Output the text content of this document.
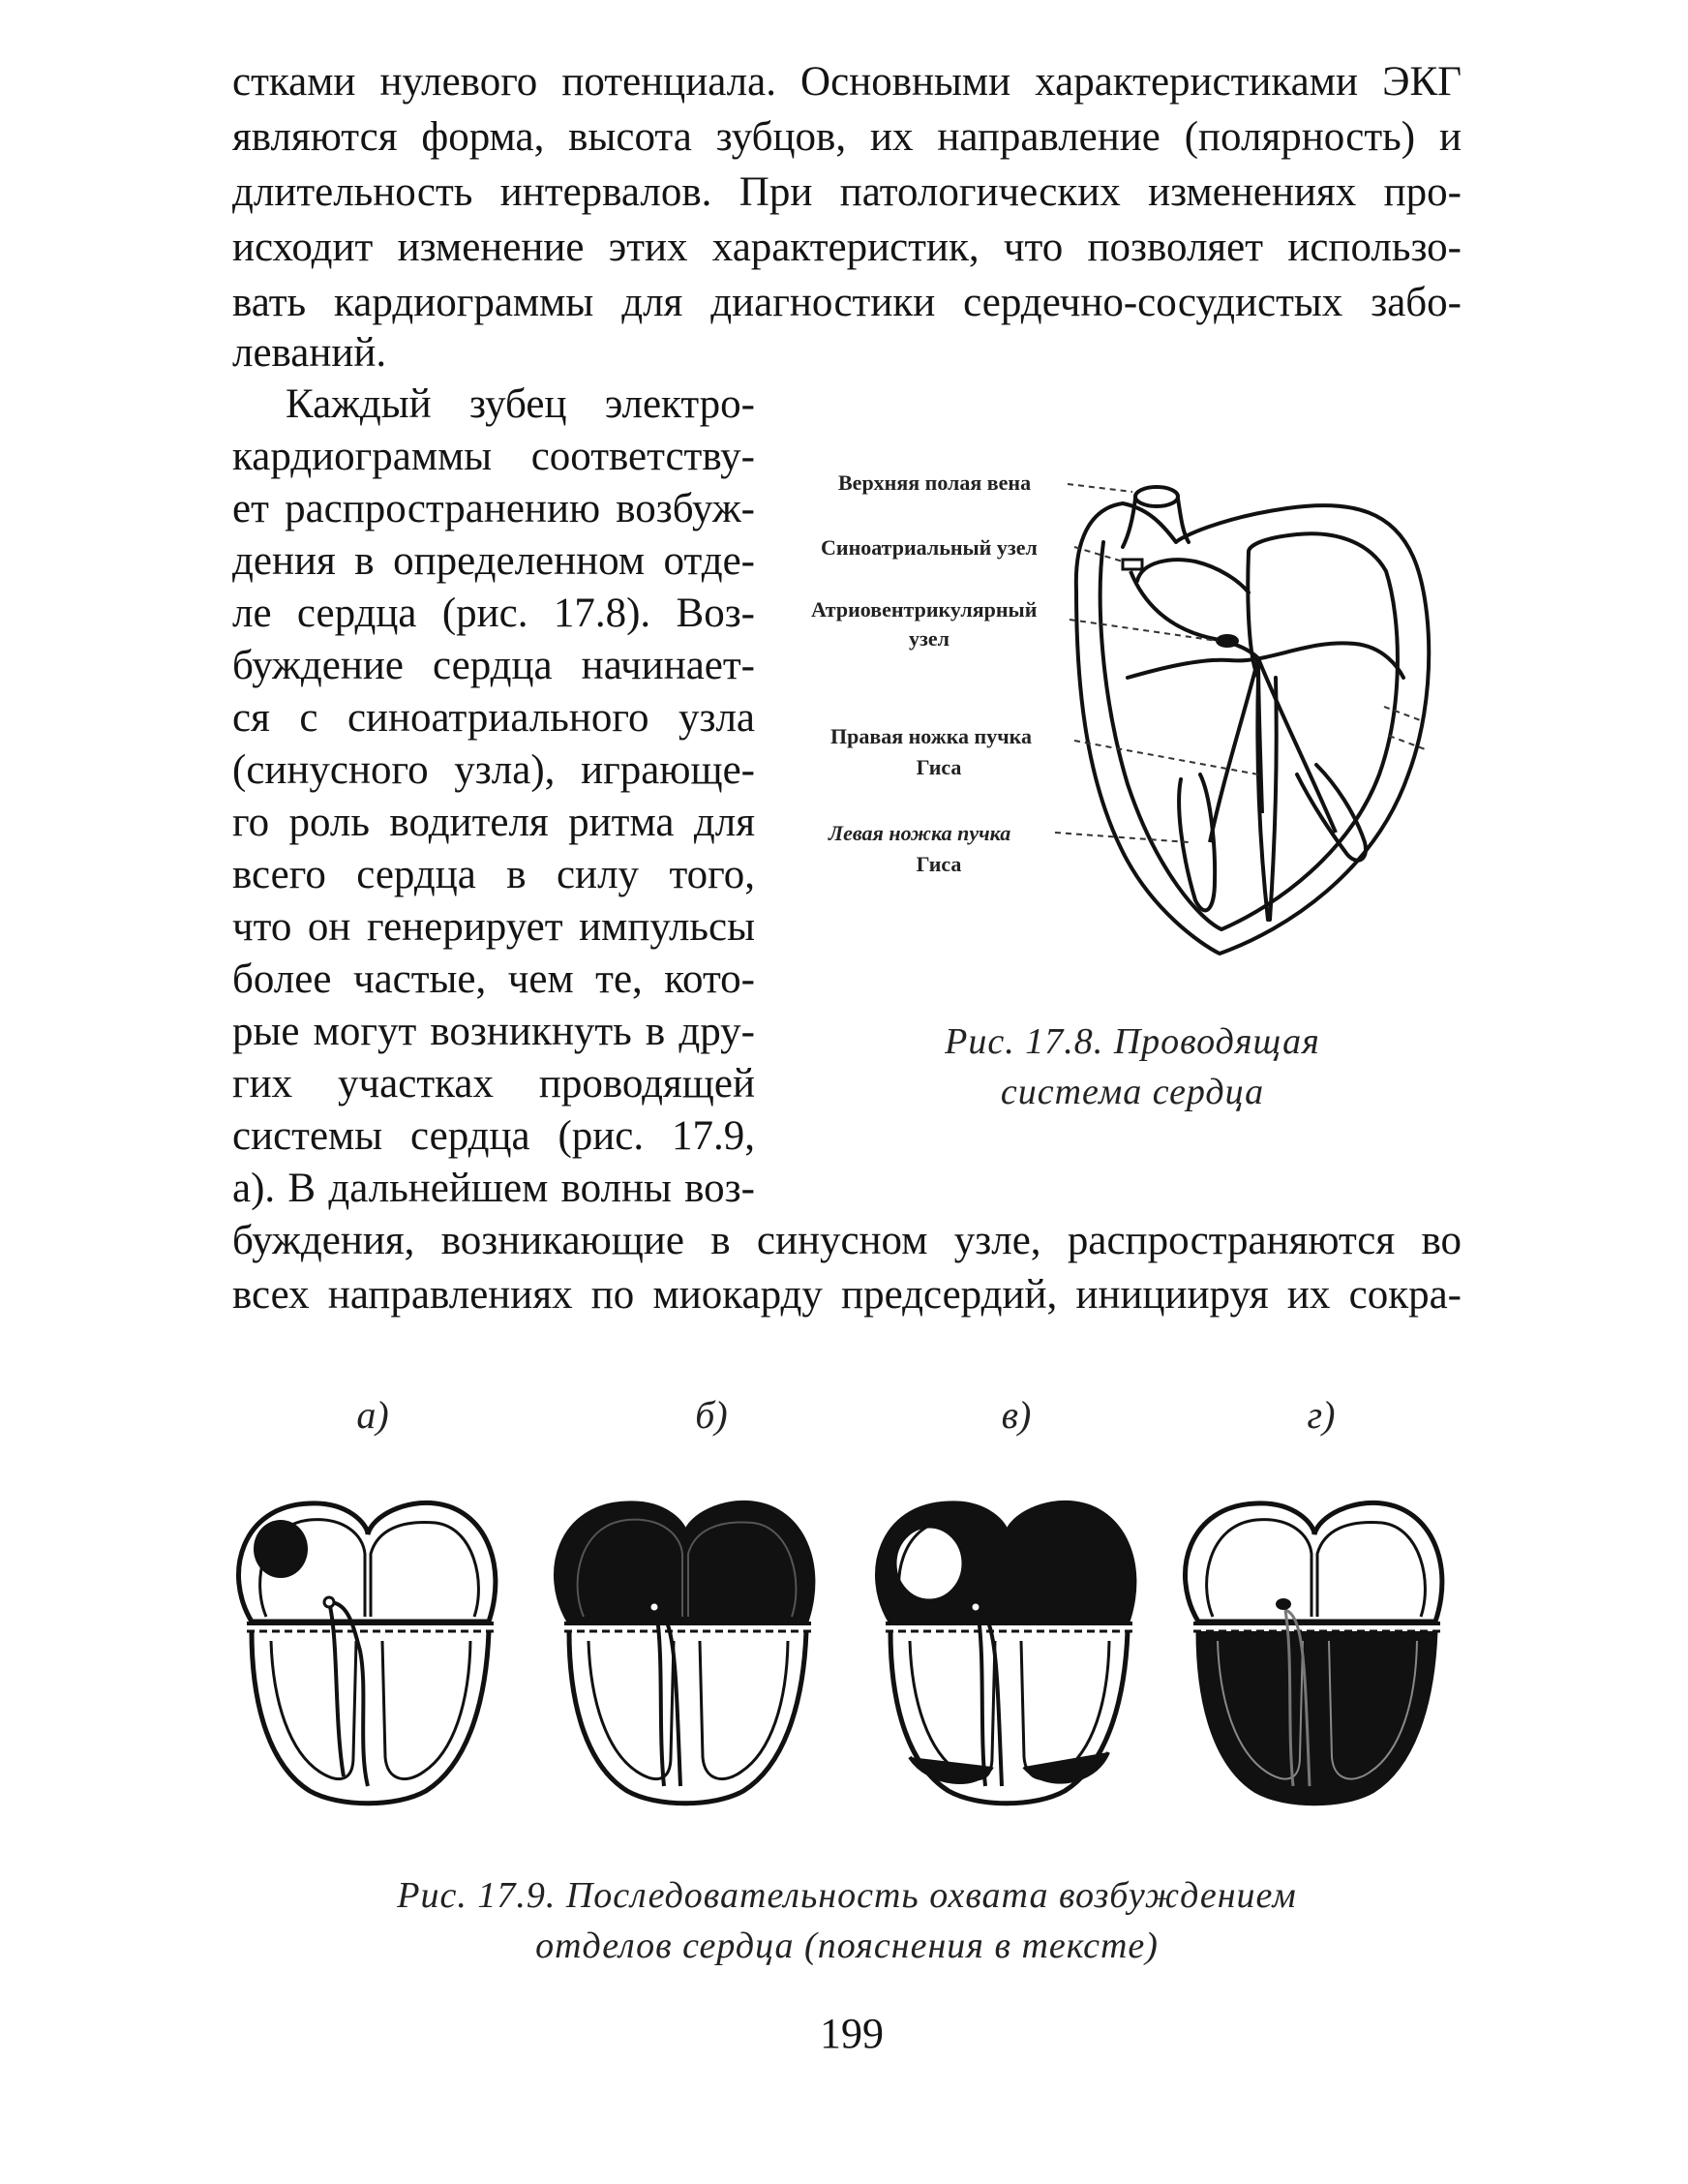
стками нулевого потенциала. Основными характеристиками ЭКГ

являются форма, высота зубцов, их направление (полярность) и

длительность интервалов. При патологических изменениях про-

исходит изменение этих характеристик, что позволяет использо-

вать кардиограммы для диагностики сердечно-сосудистых забо-

леваний.

Каждый зубец электро-

кардиограммы соответству-

ет распространению возбуж-

дения в определенном отде-

ле сердца (рис. 17.8). Воз-

буждение сердца начинает-

ся с синоатриального узла

(синусного узла), играюще-

го роль водителя ритма для

всего сердца в силу того,

что он генерирует импульсы

более частые, чем те, кото-

рые могут возникнуть в дру-

гих участках проводящей

системы сердца (рис. 17.9,

а). В дальнейшем волны воз-

буждения, возникающие в синусном узле, распространяются во

всех направлениях по миокарду предсердий, инициируя их сокра-

Верхняя полая вена
Синоатриальный узел
Атриовентрикулярный
узел
Правая ножка пучка
Гиса
Левая ножка пучка
Гиса
Рис. 17.8. Проводящая
система сердца
а)	б)	в)	г)
Рис. 17.9. Последовательность охвата возбуждением
отделов сердца (пояснения в тексте)
199
